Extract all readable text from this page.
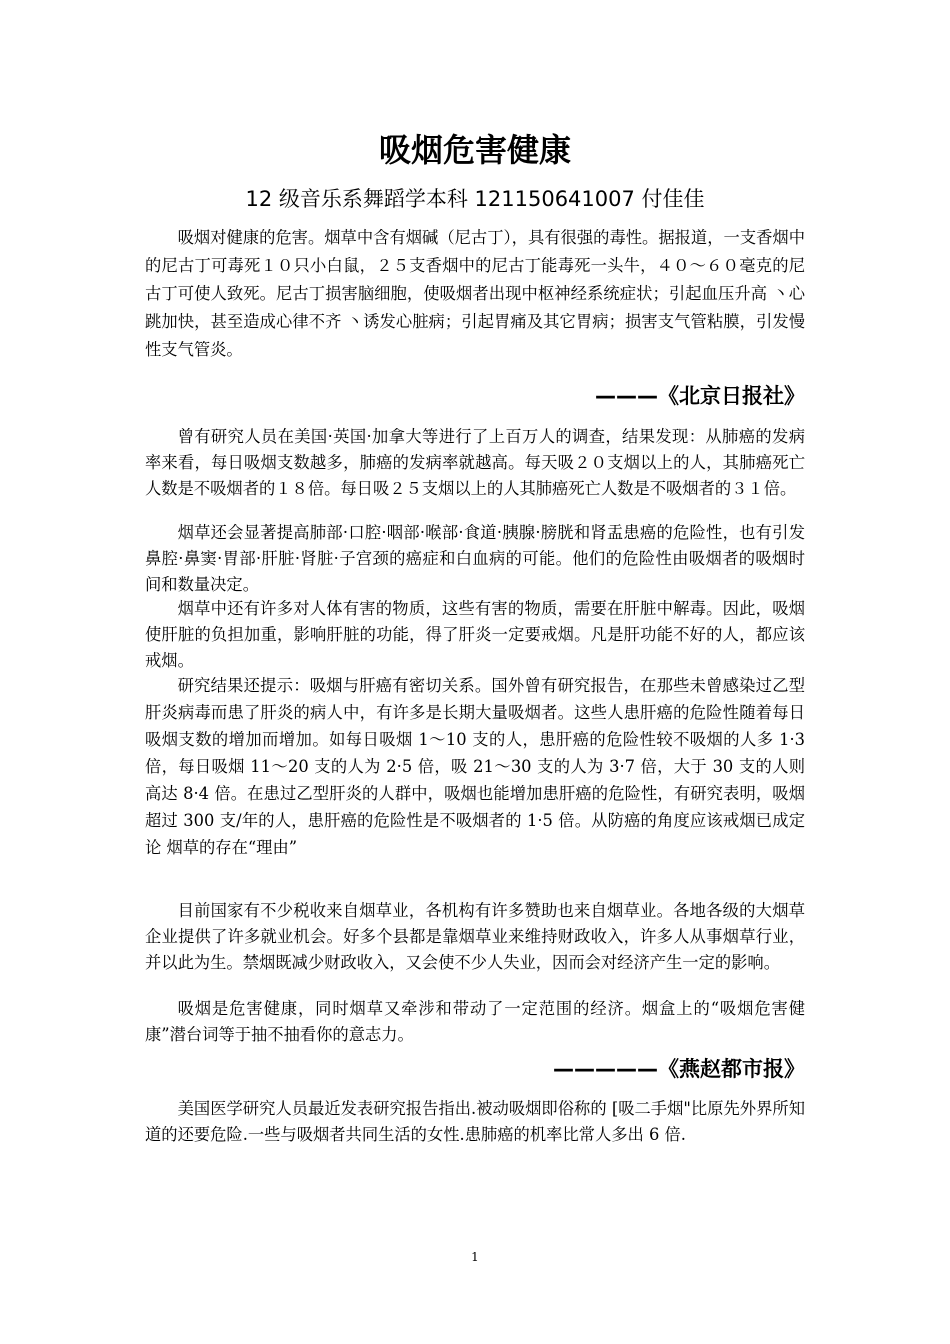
吸烟危害健康
12 级音乐系舞蹈学本科 121150641007 付佳佳

吸烟对健康的危害。烟草中含有烟碱（尼古丁），具有很强的毒性。据报道，一支香烟中的尼古丁可毒死１０只小白鼠，２５支香烟中的尼古丁能毒死一头牛，４０～６０毫克的尼古丁可使人致死。尼古丁损害脑细胞，使吸烟者出现中枢神经系统症状；引起血压升高 丶心跳加快，甚至造成心律不齐 丶诱发心脏病；引起胃痛及其它胃病；损害支气管粘膜，引发慢性支气管炎。

———《北京日报社》

曾有研究人员在美国·英国·加拿大等进行了上百万人的调查，结果发现：从肺癌的发病率来看，每日吸烟支数越多，肺癌的发病率就越高。每天吸２０支烟以上的人，其肺癌死亡人数是不吸烟者的１８倍。每日吸２５支烟以上的人其肺癌死亡人数是不吸烟者的３１倍。

烟草还会显著提高肺部·口腔·咽部·喉部·食道·胰腺·膀胱和肾盂患癌的危险性，也有引发鼻腔·鼻窦·胃部·肝脏·肾脏·子宫颈的癌症和白血病的可能。他们的危险性由吸烟者的吸烟时间和数量决定。

烟草中还有许多对人体有害的物质，这些有害的物质，需要在肝脏中解毒。因此，吸烟使肝脏的负担加重，影响肝脏的功能，得了肝炎一定要戒烟。凡是肝功能不好的人，都应该戒烟。

研究结果还提示：吸烟与肝癌有密切关系。国外曾有研究报告，在那些未曾感染过乙型肝炎病毒而患了肝炎的病人中，有许多是长期大量吸烟者。这些人患肝癌的危险性随着每日吸烟支数的增加而增加。如每日吸烟 1～10 支的人，患肝癌的危险性较不吸烟的人多 1·3 倍，每日吸烟 11～20 支的人为 2·5 倍，吸 21～30 支的人为 3·7 倍，大于 30 支的人则高达 8·4 倍。在患过乙型肝炎的人群中，吸烟也能增加患肝癌的危险性，有研究表明，吸烟超过 300 支/年的人，患肝癌的危险性是不吸烟者的 1·5 倍。从防癌的角度应该戒烟已成定论 烟草的存在“理由”

目前国家有不少税收来自烟草业，各机构有许多赞助也来自烟草业。各地各级的大烟草企业提供了许多就业机会。好多个县都是靠烟草业来维持财政收入，许多人从事烟草行业，并以此为生。禁烟既减少财政收入，又会使不少人失业，因而会对经济产生一定的影响。

吸烟是危害健康，同时烟草又牵涉和带动了一定范围的经济。烟盒上的“吸烟危害健康”潜台词等于抽不抽看你的意志力。

—————《燕赵都市报》

美国医学研究人员最近发表研究报告指出.被动吸烟即俗称的 [吸二手烟"比原先外界所知道的还要危险.一些与吸烟者共同生活的女性.患肺癌的机率比常人多出 6 倍.

1
